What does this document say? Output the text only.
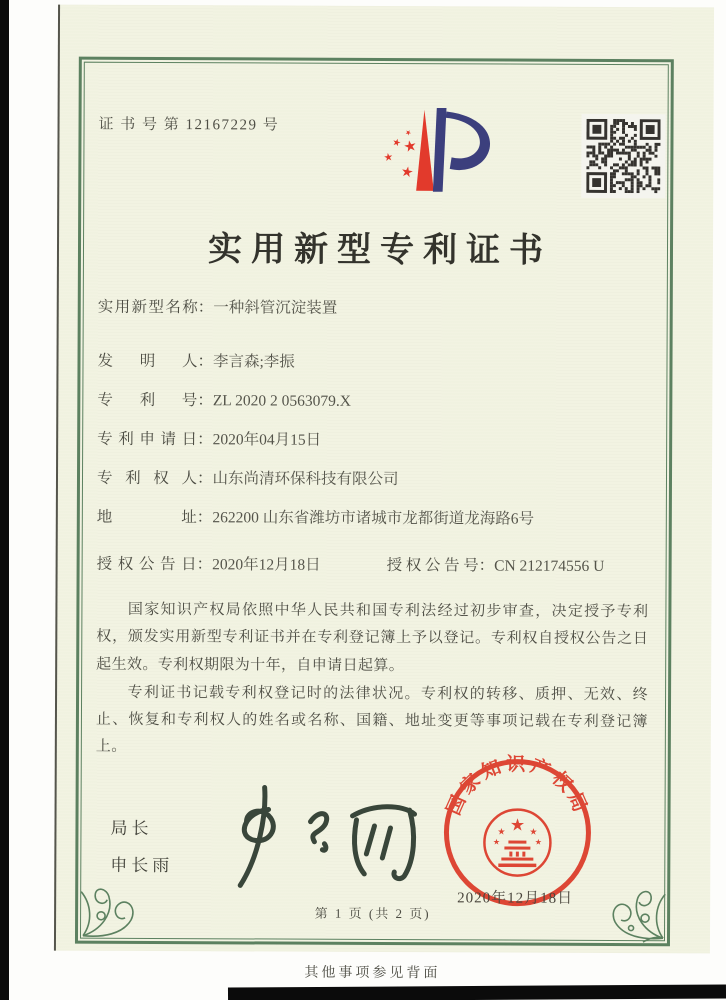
证 书 号 第 12167229 号
★
★
★
★
★
实用新型专利证书
实用新型名称：一种斜管沉淀装置
发明人：李言森;李振
专利号：ZL 2020 2 0563079.X
专利申请日：2020年04月15日
专利权人：山东尚清环保科技有限公司
地址：262200 山东省潍坊市诸城市龙都街道龙海路6号
授权公告日：2020年12月18日	授权公告号：CN 212174556 U

国家知识产权局依照中华人民共和国专利法经过初步审查，决定授予专利权，颁发实用新型专利证书并在专利登记簿上予以登记。专利权自授权公告之日起生效。专利权期限为十年，自申请日起算。

专利证书记载专利权登记时的法律状况。专利权的转移、质押、无效、终止、恢复和专利权人的姓名或名称、国籍、地址变更等事项记载在专利登记簿上。

局长
申长雨
国家知识产权局
★
★	★
★	★
2020年12月18日
第 1 页 (共 2 页)
其他事项参见背面
